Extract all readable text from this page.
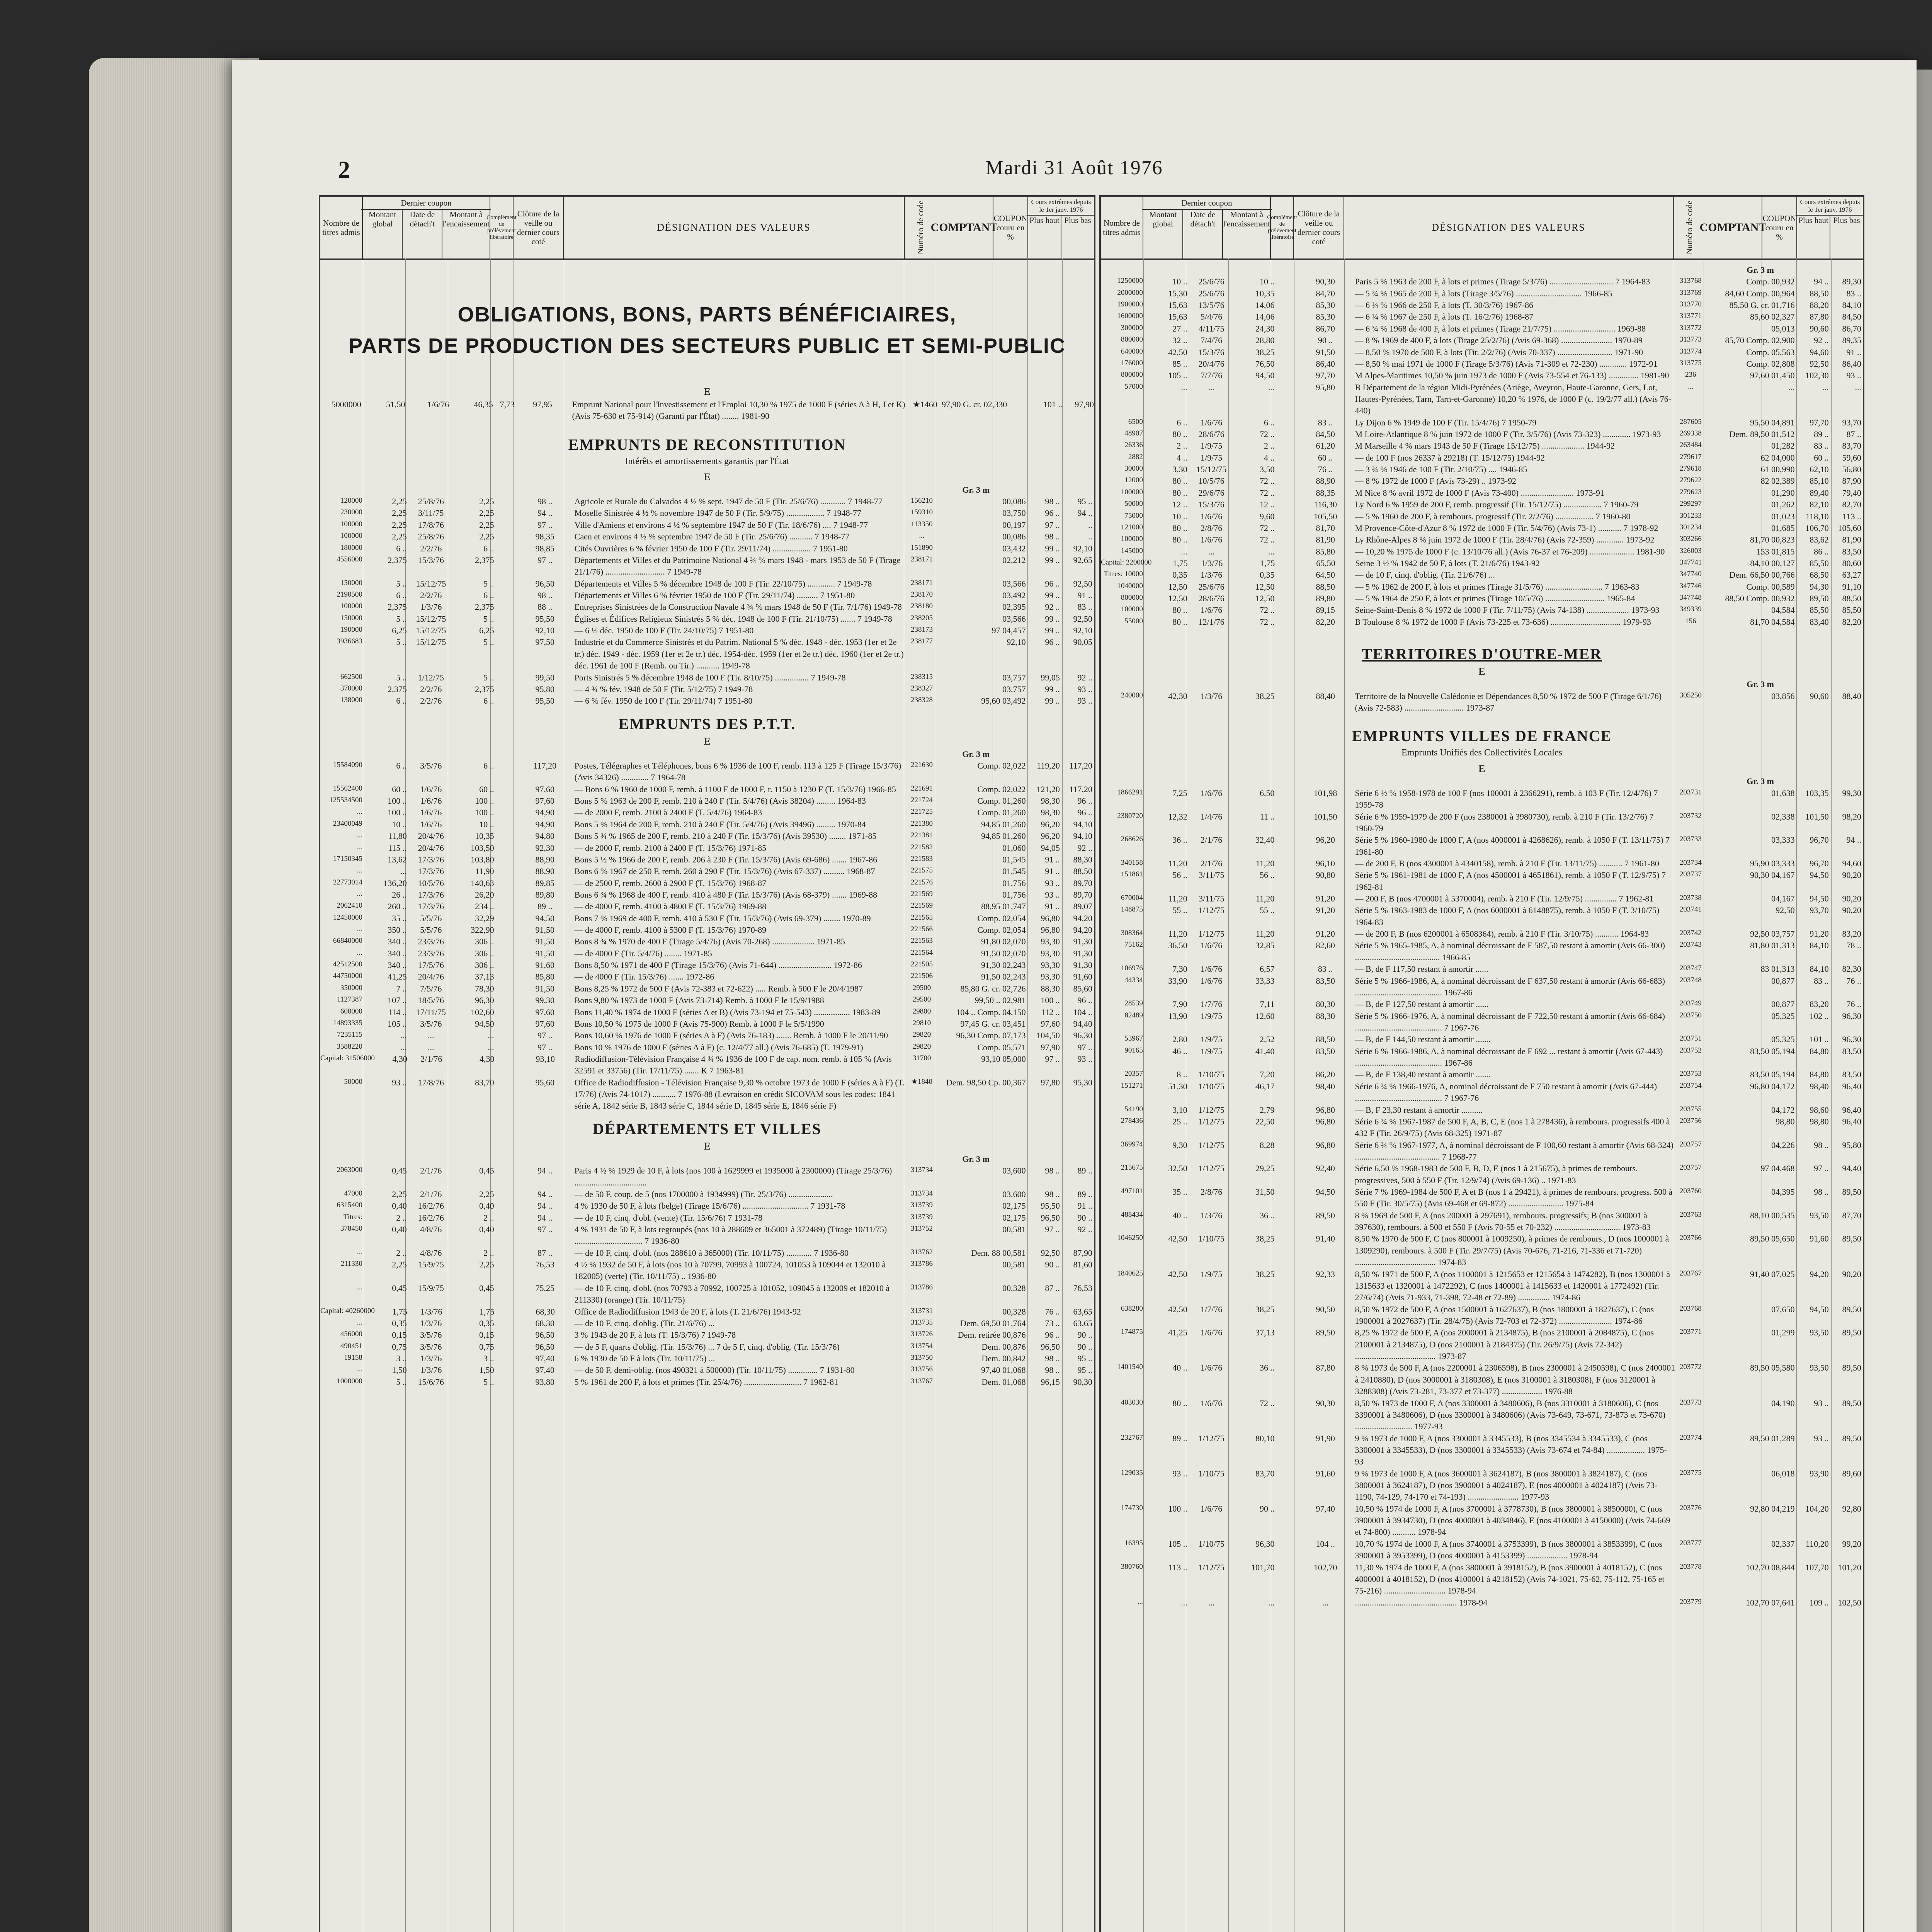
2	Mardi 31 Août 1976
Nombre de titres admis
Dernier coupon
Montant global
Date de détach't
Montant à l'encaissement
Complément de prélèvement libératoire
Clôture de la veille ou dernier cours coté
DÉSIGNATION DES VALEURS	Numéro de code COMPTANT
COUPON couru en %
Cours extrêmes depuis le 1er janv. 1976
Plus haut Plus bas
OBLIGATIONS, BONS, PARTS BÉNÉFICIAIRES,
PARTS DE PRODUCTION DES SECTEURS PUBLIC ET SEMI-PUBLIC
E
5000000	51,50	1/6/76	46,35 7,73	97,95	Emprunt National pour l'Investissement et l'Emploi 10,30 % 1975 de 1000 F (séries A à H, J et K) (Avis 75-630 et 75-914) (Garanti par l'État) ........ 1981-90
★1460 97,90 G. cr. 02,330	101 ..	97,90
EMPRUNTS DE RECONSTITUTION
Intérêts et amortissements garantis par l'État
E
Gr. 3 m
120000	2,25	25/8/76	2,25	98 ..	Agricole et Rurale du Calvados 4 ½ % sept. 1947 de 50 F (Tir. 25/6/76) ............ 7 1948-77	156210	00,086	98 ..	95 ..
230000	2,25	3/11/75	2,25	94 ..	Moselle Sinistrée 4 ½ % novembre 1947 de 50 F (Tir. 5/9/75) .................. 7 1948-77	159310	03,750	96 ..	94 ..
100000	2,25	17/8/76	2,25	97 ..	Ville d'Amiens et environs 4 ½ % septembre 1947 de 50 F (Tir. 18/6/76) .... 7 1948-77	113350	00,197	97 ..	..
100000	2,25	25/8/76	2,25	98,35	Caen et environs 4 ½ % septembre 1947 de 50 F (Tir. 25/6/76) ........... 7 1948-77	...	00,086	98 ..	..
180000	6 ..	2/2/76	6 ..	98,85	Cités Ouvrières 6 % février 1950 de 100 F (Tir. 29/11/74) .................. 7 1951-80	151890	03,432	99 ..	92,10
4556000	2,375	15/3/76	2,375	97 ..	Départements et Villes et du Patrimoine National 4 ¾ % mars 1948 - mars 1953 de 50 F (Tirage 21/1/76) ............................ 7 1949-78
238171	02,212	99 ..	92,65
150000	5 ..	15/12/75	5 ..	96,50	Départements et Villes 5 % décembre 1948 de 100 F (Tir. 22/10/75) ............. 7 1949-78	238171	03,566	96 ..	92,50
2190500	6 ..	2/2/76	6 ..	98 ..	Départements et Villes 6 % février 1950 de 100 F (Tir. 29/11/74) .......... 7 1951-80	238170	03,492	99 ..	91 ..
100000	2,375	1/3/76	2,375	88 ..	Entreprises Sinistrées de la Construction Navale 4 ¾ % mars 1948 de 50 F (Tir. 7/1/76) 1949-78	238180	02,395	92 ..	83 ..
150000	5 ..	15/12/75	5 ..	95,50	Églises et Édifices Religieux Sinistrés 5 % déc. 1948 de 100 F (Tir. 21/10/75) ....... 7 1949-78	238205	03,566	99 ..	92,50
190000	6,25	15/12/75	6,25	92,10	— 6 ½ déc. 1950 de 100 F (Tir. 24/10/75) 7 1951-80	238173	97 04,457	99 ..	92,10
3936683	5 ..	15/12/75	5 ..	97,50	Industrie et du Commerce Sinistrés et du Patrim. National 5 % déc. 1948 - déc. 1953 (1er et 2e tr.) déc. 1949 - déc. 1959 (1er et 2e tr.) déc. 1954-déc. 1959 (1er et 2e tr.) déc. 1960 (1er et 2e tr.) déc. 1961 de 100 F (Remb. ou Tir.) ........... 1949-78
238177	92,10	96 ..	90,05
662500	5 ..	1/12/75	5 ..	99,50	Ports Sinistrés 5 % décembre 1948 de 100 F (Tir. 8/10/75) ................ 7 1949-78	238315	03,757	99,05	92 ..
370000	2,375	2/2/76	2,375	95,80	— 4 ¾ % fév. 1948 de 50 F (Tir. 5/12/75) 7 1949-78	238327	03,757	99 ..	93 ..
138000	6 ..	2/2/76	6 ..	95,50	— 6 % fév. 1950 de 100 F (Tir. 29/11/74) 7 1951-80	238328	95,60 03,492	99 ..	93 ..
EMPRUNTS DES P.T.T.
E
Gr. 3 m
15584090	6 ..	3/5/76	6 ..	117,20	Postes, Télégraphes et Téléphones, bons 6 % 1936 de 100 F, remb. 113 à 125 F (Tirage 15/3/76) (Avis 34326) ............. 7 1964-78
221630	Comp. 02,022	119,20	117,20
15562400	60 ..	1/6/76	60 ..	97,60	— Bons 6 % 1960 de 1000 F, remb. à 1100 F de 1000 F, r. 1150 à 1230 F (T. 15/3/76) 1966-85	221691	Comp. 02,022	121,20	117,20
125534500	100 ..	1/6/76	100 ..	97,60	Bons 5 % 1963 de 200 F, remb. 210 à 240 F (Tir. 5/4/76) (Avis 38204) ......... 1964-83	221724	Comp. 01,260	98,30	96 ..
...	100 ..	1/6/76	100 ..	94,90	— de 2000 F, remb. 2100 à 2400 F (T. 5/4/76) 1964-83	221725	Comp. 01,260	98,30	96 ..
23400049	10 ..	1/6/76	10 ..	94,90	Bons 5 % 1964 de 200 F, remb. 210 à 240 F (Tir. 5/4/76) (Avis 39496) ......... 1970-84	221380	94,85 01,260	96,20	94,10
...	11,80	20/4/76	10,35	94,80	Bons 5 ¾ % 1965 de 200 F, remb. 210 à 240 F (Tir. 15/3/76) (Avis 39530) ........ 1971-85	221381	94,85 01,260	96,20	94,10
...	115 ..	20/4/76	103,50	92,30	— de 2000 F, remb. 2100 à 2400 F (T. 15/3/76) 1971-85	221582	01,060	94,05	92 ..
17150345	13,62	17/3/76	103,80	88,90	Bons 5 ½ % 1966 de 200 F, remb. 206 à 230 F (Tir. 15/3/76) (Avis 69-686) ....... 1967-86	221583	01,545	91 ..	88,30
...	...	17/3/76	11,90	88,90	Bons 6 % 1967 de 250 F, remb. 260 à 290 F (Tir. 15/3/76) (Avis 67-337) .......... 1968-87	221575	01,545	91 ..	88,50
22773014	136,20	10/5/76	140,63	89,85	— de 2500 F, remb. 2600 à 2900 F (T. 15/3/76) 1968-87	221576	01,756	93 ..	89,70
...	26 ..	17/3/76	26,20	89,80	Bons 6 ¾ % 1968 de 400 F, remb. 410 à 480 F (Tir. 15/3/76) (Avis 68-379) ....... 1969-88	221569	01,756	93 ..	89,70
2062410	260 ..	17/3/76	234 ..	89 ..	— de 4000 F, remb. 4100 à 4800 F (T. 15/3/76) 1969-88	221569	88,95 01,747	91 ..	89,07
12450000	35 ..	5/5/76	32,29	94,50	Bons 7 % 1969 de 400 F, remb. 410 à 530 F (Tir. 15/3/76) (Avis 69-379) ........ 1970-89	221565	Comp. 02,054	96,80	94,20
...	350 ..	5/5/76	322,90	91,50	— de 4000 F, remb. 4100 à 5300 F (T. 15/3/76) 1970-89	221566	Comp. 02,054	96,80	94,20
66840000	340 ..	23/3/76	306 ..	91,50	Bons 8 ¾ % 1970 de 400 F (Tirage 5/4/76) (Avis 70-268) .................... 1971-85	221563	91,80 02,070	93,30	91,30
...	340 ..	23/3/76	306 ..	91,50	— de 4000 F (Tir. 5/4/76) ........ 1971-85	221564	91,50 02,070	93,30	91,30
42512500	340 ..	17/5/76	306 ..	91,60	Bons 8,50 % 1971 de 400 F (Tirage 15/3/76) (Avis 71-644) ......................... 1972-86	221505	91,30 02,243	93,30	91,30
44750000	41,25	20/4/76	37,13	85,80	— de 4000 F (Tir. 15/3/76) ....... 1972-86	221506	91,50 02,243	93,30	91,60
350000	7 ..	7/5/76	78,30	91,50	Bons 8,25 % 1972 de 500 F (Avis 72-383 et 72-622) ..... Remb. à 500 F le 20/4/1987	29500	85,80 G. cr. 02,726	88,30	85,60
1127387	107 ..	18/5/76	96,30	99,30	Bons 9,80 % 1973 de 1000 F (Avis 73-714) Remb. à 1000 F le 15/9/1988	29500	99,50 .. 02,981	100 ..	96 ..
600000	114 ..	17/11/75	102,60	97,60	Bons 11,40 % 1974 de 1000 F (séries A et B) (Avis 73-194 et 75-543) ................. 1983-89	29800	104 .. Comp. 04,150	112 ..	104 ..
14893335	105 ..	3/5/76	94,50	97,60	Bons 10,50 % 1975 de 1000 F (Avis 75-900) Remb. à 1000 F le 5/5/1990	29810	97,45 G. cr. 03,451	97,60	94,40
7235115	...	...	...	97 ..	Bons 10,60 % 1976 de 1000 F (séries A à F) (Avis 76-183) ....... Remb. à 1000 F le 20/11/90	29820	96,30 Comp. 07,173	104,50	96,30
3588220	...	...	...	97 ..	Bons 10 % 1976 de 1000 F (séries A à F) (c. 12/4/77 all.) (Avis 76-685) (T. 1979-91)	29820	Comp. 05,571	97,90	97 ..
Capital: 31506000	4,30	2/1/76	4,30	93,10	Radiodiffusion-Télévision Française 4 ¾ % 1936 de 100 F de cap. nom. remb. à 105 % (Avis 32591 et 33756) (Tir. 17/11/75) ....... K 7 1963-81
31700	93,10 05,000	97 ..	93 ..
50000	93 ..	17/8/76	83,70	95,60	Office de Radiodiffusion - Télévision Française 9,30 % octobre 1973 de 1000 F (séries A à F) (T. 17/76) (Avis 74-1017) ........... 7 1976-88 (Levraison en crédit SICOVAM sous les codes: 1841 série A, 1842 série B, 1843 série C, 1844 série D, 1845 série E, 1846 série F)
★1840	Dem. 98,50 Cp. 00,367	97,80	95,30
DÉPARTEMENTS ET VILLES
E
Gr. 3 m
2063000	0,45	2/1/76	0,45	94 ..	Paris 4 ½ % 1929 de 10 F, à lots (nos 100 à 1629999 et 1935000 à 2300000) (Tirage 25/3/76) ..................................
313734	03,600	98 ..	89 ..
47000	2,25	2/1/76	2,25	94 ..	— de 50 F, coup. de 5 (nos 1700000 à 1934999) (Tir. 25/3/76) .....................	313734	03,600	98 ..	89 ..
6315400	0,40	16/2/76	0,40	94 ..	4 % 1930 de 50 F, à lots (belge) (Tirage 15/6/76) ............................... 7 1931-78	313739	02,175	95,50	91 ..
Titres:	2 ..	16/2/76	2 ..	94 ..	— de 10 F, cinq. d'obl. (vente) (Tir. 15/6/76) 7 1931-78	313739	02,175	96,50	90 ..
378450	0,40	4/8/76	0,40	97 ..	4 % 1931 de 50 F, à lots regroupés (nos 10 à 288609 et 365001 à 372489) (Tirage 10/11/75) ................................ 7 1936-80
313752	00,581	97 ..	92 ..
...	2 ..	4/8/76	2 ..	87 ..	— de 10 F, cinq. d'obl. (nos 288610 à 365000) (Tir. 10/11/75) ............ 7 1936-80	313762	Dem. 88 00,581	92,50	87,90
211330	2,25	15/9/75	2,25	76,53	4 ½ % 1932 de 50 F, à lots (nos 10 à 70799, 70993 à 100724, 101053 à 109044 et 132010 à 182005) (verte) (Tir. 10/11/75) .. 1936-80
313786	00,581	90 ..	81,60
...	0,45	15/9/75	0,45	75,25	— de 10 F, cinq. d'obl. (nos 70793 à 70992, 100725 à 101052, 109045 à 132009 et 182010 à 211330) (orange) (Tir. 10/11/75)
313786	00,328	87 ..	76,53
Capital: 40260000	1,75	1/3/76	1,75	68,30	Office de Radiodiffusion 1943 de 20 F, à lots (T. 21/6/76) 1943-92	313731	00,328	76 ..	63,65
...	0,35	1/3/76	0,35	68,30	— de 10 F, cinq. d'oblig. (Tir. 21/6/76) ...	313735	Dem. 69,50 01,764	73 ..	63,65
456000	0,15	3/5/76	0,15	96,50	3 % 1943 de 20 F, à lots (T. 15/3/76) 7 1949-78	313726	Dem. retirée 00,876	96 ..	90 ..
490451	0,75	3/5/76	0,75	96,50	— de 5 F, quarts d'oblig. (Tir. 15/3/76) ... 7 de 5 F, cinq. d'oblig. (Tir. 15/3/76)	313754	Dem. 00,876	96,50	90 ..
19158	3 ..	1/3/76	3 ..	97,40	6 % 1930 de 50 F à lots (Tir. 10/11/75) ...	313750	Dem. 00,842	98 ..	95 ..
...	1,50	1/3/76	1,50	97,40	— de 50 F, demi-oblig. (nos 490321 à 500000) (Tir. 10/11/75) .............. 7 1931-80	313756	97,40 01,068	98 ..	95 ..
1000000	5 ..	15/6/76	5 ..	93,80	5 % 1961 de 200 F, à lots et primes (Tir. 25/4/76) ........................... 7 1962-81	313767	Dem. 01,068	96,15	90,30
Nombre de titres admis
Dernier coupon
Montant global
Date de détach't
Montant à l'encaissement
Complément de prélèvement libératoire
Clôture de la veille ou dernier cours coté
DÉSIGNATION DES VALEURS	Numéro de code COMPTANT
COUPON couru en %
Cours extrêmes depuis le 1er janv. 1976
Plus haut Plus bas
Gr. 3 m
1250000	10 ..	25/6/76	10 ..	90,30	Paris 5 % 1963 de 200 F, à lots et primes (Tirage 5/3/76) .............................. 7 1964-83	313768	Comp. 00,932	94 ..	89,30
2000000	15,30	25/6/76	10,35	84,70	— 5 ¾ % 1965 de 200 F, à lots (Tirage 3/5/76) ............................... 1966-85	313769	84,60 Comp. 00,964	88,50	83 ..
1900000	15,63	13/5/76	14,06	85,30	— 6 ¼ % 1966 de 250 F, à lots (T. 30/3/76) 1967-86	313770	85,50 G. cr. 01,716	88,20	84,10
1600000	15,63	5/4/76	14,06	85,30	— 6 ¼ % 1967 de 250 F, à lots (T. 16/2/76) 1968-87	313771	85,60 02,327	87,80	84,50
300000	27 ..	4/11/75	24,30	86,70	— 6 ¾ % 1968 de 400 F, à lots et primes (Tirage 21/7/75) ............................. 1969-88	313772	05,013	90,60	86,70
800000	32 ..	7/4/76	28,80	90 ..	— 8 % 1969 de 400 F, à lots (Tirage 25/2/76) (Avis 69-368) ........................ 1970-89	313773	85,70 Comp. 02,900	92 ..	89,35
640000	42,50	15/3/76	38,25	91,50	— 8,50 % 1970 de 500 F, à lots (Tir. 2/2/76) (Avis 70-337) .......................... 1971-90	313774	Comp. 05,563	94,60	91 ..
176000	85 ..	20/4/76	76,50	86,40	— 8,50 % mai 1971 de 1000 F (Tirage 5/3/76) (Avis 71-309 et 72-230) ............. 1972-91	313775	Comp. 02,808	92,50	86,40
800000	105 ..	7/7/76	94,50	97,70	M Alpes-Maritimes 10,50 % juin 1973 de 1000 F (Avis 73-554 et 76-133) .............. 1981-90	236	97,60 01,450	102,30	93 ..
57000	...	...	...	95,80	B Département de la région Midi-Pyrénées (Ariège, Aveyron, Haute-Garonne, Gers, Lot, Hautes-Pyrénées, Tarn, Tarn-et-Garonne) 10,20 % 1976, de 1000 F (c. 19/2/77 all.) (Avis 76-440)
...	...	...	...
6500	6 ..	1/6/76	6 ..	83 ..	Ly Dijon 6 % 1949 de 100 F (Tir. 15/4/76) 7 1950-79	287605	95,50 04,891	97,70	93,70
48907	80 ..	28/6/76	72 ..	84,50	M Loire-Atlantique 8 % juin 1972 de 1000 F (Tir. 3/5/76) (Avis 73-323) ............. 1973-93	269338	Dem. 89,50 01,512	89 ..	87 ..
26336	2 ..	1/9/75	2 ..	61,20	M Marseille 4 % mars 1943 de 50 F (Tirage 15/12/75) .................... 1944-92	263484	01,282	83 ..	83,70
2882	4 ..	1/9/75	4 ..	60 ..	— de 100 F (nos 26337 à 29218) (T. 15/12/75) 1944-92	279617	62 04,000	60 ..	59,60
30000	3,30	15/12/75	3,50	76 ..	— 3 ¾ % 1946 de 100 F (Tir. 2/10/75) .... 1946-85	279618	61 00,990	62,10	56,80
12000	80 ..	10/5/76	72 ..	88,90	— 8 % 1972 de 1000 F (Avis 73-29) .. 1973-92	279622	82 02,389	85,10	87,90
100000	80 ..	29/6/76	72 ..	88,35	M Nice 8 % avril 1972 de 1000 F (Avis 73-400) ......................... 1973-91	279623	01,290	89,40	79,40
50000	12 ..	15/3/76	12 ..	116,30	Ly Nord 6 % 1959 de 200 F, remb. progressif (Tir. 15/12/75) .................. 7 1960-79	299297	01,262	82,10	82,70
75000	10 ..	1/6/76	9,60	105,50	— 5 % 1960 de 200 F, à rembours. progressif (Tir. 2/2/76) .................. 7 1960-80	301233	01,023	118,10	113 ..
121000	80 ..	2/8/76	72 ..	81,70	M Provence-Côte-d'Azur 8 % 1972 de 1000 F (Tir. 5/4/76) (Avis 73-1) ........... 7 1978-92	301234	01,685	106,70	105,60
100000	80 ..	1/6/76	72 ..	81,90	Ly Rhône-Alpes 8 % juin 1972 de 1000 F (Tir. 28/4/76) (Avis 72-359) ............. 1973-92	303266	81,70 00,823	83,62	81,90
145000	...	...	...	85,80	— 10,20 % 1975 de 1000 F (c. 13/10/76 all.) (Avis 76-37 et 76-209) ..................... 1981-90	326003	153 01,815	86 ..	83,50
Capital: 2200000	1,75	1/3/76	1,75	65,50	Seine 3 ½ % 1942 de 50 F, à lots (T. 21/6/76) 1943-92	347741	84,10 00,127	85,50	80,60
Titres: 10000	0,35	1/3/76	0,35	64,50	— de 10 F, cinq. d'oblig. (Tir. 21/6/76) ...	347740	Dem. 66,50 00,766	68,50	63,27
1040000	12,50	25/6/76	12,50	88,50	— 5 % 1962 de 200 F, à lots et primes (Tirage 31/5/76) ........................... 7 1963-83	347746	Comp. 00,589	94,30	91,10
800000	12,50	28/6/76	12,50	89,80	— 5 % 1964 de 250 F, à lots et primes (Tirage 10/5/76) ............................ 1965-84	347748	88,50 Comp. 00,932	89,50	88,50
100000	80 ..	1/6/76	72 ..	89,15	Seine-Saint-Denis 8 % 1972 de 1000 F (Tir. 7/11/75) (Avis 74-138) .................... 1973-93	349339	04,584	85,50	85,50
55000	80 ..	12/1/76	72 ..	82,20	B Toulouse 8 % 1972 de 1000 F (Avis 73-225 et 73-636) ................................. 1979-93	156	81,70 04,584	83,40	82,20
TERRITOIRES D'OUTRE-MER
E
Gr. 3 m
240000	42,30	1/3/76	38,25	88,40	Territoire de la Nouvelle Calédonie et Dépendances 8,50 % 1972 de 500 F (Tirage 6/1/76) (Avis 72-583) ............................ 1973-87
305250	03,856	90,60	88,40
EMPRUNTS VILLES DE FRANCE
Emprunts Unifiés des Collectivités Locales
E
Gr. 3 m
1866291	7,25	1/6/76	6,50	101,98	Série 6 ½ % 1958-1978 de 100 F (nos 100001 à 2366291), remb. à 103 F (Tir. 12/4/76) 7 1959-78
203731	01,638	103,35	99,30
2380720	12,32	1/4/76	11 ..	101,50	Série 6 % 1959-1979 de 200 F (nos 2380001 à 3980730), remb. à 210 F (Tir. 13/2/76) 7 1960-79
203732	02,338	101,50	98,20
268626	36 ..	2/1/76	32,40	96,20	Série 5 % 1960-1980 de 1000 F, A (nos 4000001 à 4268626), remb. à 1050 F (T. 13/11/75) 7 1961-80
203733	03,333	96,70	94 ..
340158	11,20	2/1/76	11,20	96,10	— de 200 F, B (nos 4300001 à 4340158), remb. à 210 F (Tir. 13/11/75) ........... 7 1961-80	203734	95,90 03,333	96,70	94,60
151861	56 ..	3/11/75	56 ..	90,80	Série 5 % 1961-1981 de 1000 F, A (nos 4500001 à 4651861), remb. à 1050 F (T. 12/9/75) 7 1962-81
203737	90,30 04,167	94,50	90,20
670004	11,20	3/11/75	11,20	91,20	— 200 F, B (nos 4700001 à 5370004), remb. à 210 F (Tir. 12/9/75) ............... 7 1962-81	203738	04,167	94,50	90,20
148875	55 ..	1/12/75	55 ..	91,20	Série 5 % 1963-1983 de 1000 F, A (nos 6000001 à 6148875), remb. à 1050 F (T. 3/10/75) 1964-83
203741	92,50	93,70	90,20
308364	11,20	1/12/75	11,20	91,20	— de 200 F, B (nos 6200001 à 6508364), remb. à 210 F (Tir. 3/10/75) ........... 1964-83	203742	92,50 03,757	91,20	83,20
75162	36,50	1/6/76	32,85	82,60	Série 5 % 1965-1985, A, à nominal décroissant de F 587,50 restant à amortir (Avis 66-300) ........................................ 1966-85
203743	81,80 01,313	84,10	78 ..
106976	7,30	1/6/76	6,57	83 ..	— B, de F 117,50 restant à amortir ......	203747	83 01,313	84,10	82,30
44334	33,90	1/6/76	33,33	83,50	Série 5 % 1966-1986, A, à nominal décroissant de F 637,50 restant à amortir (Avis 66-683) ......................................... 1967-86
203748	00,877	83 ..	76 ..
28539	7,90	1/7/76	7,11	80,30	— B, de F 127,50 restant à amortir ......	203749	00,877	83,20	76 ..
82489	13,90	1/9/75	12,60	88,30	Série 5 % 1966-1976, A, à nominal décroissant de F 722,50 restant à amortir (Avis 66-684) ......................................... 7 1967-76
203750	05,325	102 ..	96,30
53967	2,80	1/9/75	2,52	88,50	— B, de F 144,50 restant à amortir .......	203751	05,325	101 ..	96,30
90165	46 ..	1/9/75	41,40	83,50	Série 6 % 1966-1986, A, à nominal décroissant de F 692 ... restant à amortir (Avis 67-443) ......................................... 1967-86
203752	83,50 05,194	84,80	83,50
20357	8 ..	1/10/75	7,20	86,20	— B, de F 138,40 restant à amortir .......	203753	83,50 05,194	84,80	83,50
151271	51,30	1/10/75	46,17	98,40	Série 6 ¾ % 1966-1976, A, nominal décroissant de F 750 restant à amortir (Avis 67-444) ......................................... 7 1967-76
203754	96,80 04,172	98,40	96,40
54190	3,10	1/12/75	2,79	96,80	— B, F 23,30 restant à amortir ..........	203755	04,172	98,60	96,40
278436	25 ..	1/12/75	22,50	96,80	Série 6 ¾ % 1967-1987 de 500 F, A, B, C, E (nos 1 à 278436), à rembours. progressifs 400 à 432 F (Tir. 26/9/75) (Avis 68-325) 1971-87
203756	98,80	98,80	96,40
369974	9,30	1/12/75	8,28	96,80	Série 6 ¾ % 1967-1977, A, à nominal décroissant de F 100,60 restant à amortir (Avis 68-324) ........................................ 7 1968-77
203757	04,226	98 ..	95,80
215675	32,50	1/12/75	29,25	92,40	Série 6,50 % 1968-1983 de 500 F, B, D, E (nos 1 à 215675), à primes de rembours. progressives, 500 à 550 F (Tir. 12/9/74) (Avis 69-136) .. 1971-83
203757	97 04,468	97 ..	94,40
497101	35 ..	2/8/76	31,50	94,50	Série 7 % 1969-1984 de 500 F, A et B (nos 1 à 29421), à primes de rembours. progress. 500 à 550 F (Tir. 30/5/75) (Avis 69-468 et 69-872) .......................... 1975-84
203760	04,395	98 ..	89,50
488434	40 ..	1/3/76	36 ..	89,50	8 % 1969 de 500 F, A (nos 200001 à 297691), rembours. progressifs; B (nos 300001 à 397630), rembours. à 500 et 550 F (Avis 70-55 et 70-232) ............................... 1973-83
203763	88,10 00,535	93,50	87,70
1046250	42,50	1/10/75	38,25	91,40	8,50 % 1970 de 500 F, C (nos 800001 à 1009250), à primes de rembours., D (nos 1000001 à 1309290), rembours. à 500 F (Tir. 29/7/75) (Avis 70-676, 71-216, 71-336 et 71-720) ...................................... 1974-83
203766	89,50 05,650	91,60	89,50
1840625	42,50	1/9/75	38,25	92,33	8,50 % 1971 de 500 F, A (nos 1100001 à 1215653 et 1215654 à 1474282), B (nos 1300001 à 1315633 et 1320001 à 1472292), C (nos 1400001 à 1415633 et 1420001 à 1772492) (Tir. 27/6/74) (Avis 71-933, 71-398, 72-48 et 72-89) ............... 1974-86
203767	91,40 07,025	94,20	90,20
638280	42,50	1/7/76	38,25	90,50	8,50 % 1972 de 500 F, A (nos 1500001 à 1627637), B (nos 1800001 à 1827637), C (nos 1900001 à 2027637) (Tir. 28/4/75) (Avis 72-703 et 72-372) ......................... 1974-86
203768	07,650	94,50	89,50
174875	41,25	1/6/76	37,13	89,50	8,25 % 1972 de 500 F, A (nos 2000001 à 2134875), B (nos 2100001 à 2084875), C (nos 2100001 à 2134875), D (nos 2100001 à 2184375) (Tir. 26/9/75) (Avis 72-342) ...................................... 1973-87
203771	01,299	93,50	89,50
1401540	40 ..	1/6/76	36 ..	87,80	8 % 1973 de 500 F, A (nos 2200001 à 2306598), B (nos 2300001 à 2450598), C (nos 2400001 à 2410880), D (nos 3000001 à 3180308), E (nos 3100001 à 3180308), F (nos 3120001 à 3288308) (Avis 73-281, 73-377 et 73-377) ................... 1976-88
203772	89,50 05,580	93,50	89,50
403030	80 ..	1/6/76	72 ..	90,30	8,50 % 1973 de 1000 F, A (nos 3300001 à 3480606), B (nos 3310001 à 3180606), C (nos 3390001 à 3480606), D (nos 3300001 à 3480606) (Avis 73-649, 73-671, 73-873 et 73-670) ........................... 1977-93
203773	04,190	93 ..	89,50
232767	89 ..	1/12/75	80,10	91,90	9 % 1973 de 1000 F, A (nos 3300001 à 3345533), B (nos 3345534 à 3345533), C (nos 3300001 à 3345533), D (nos 3300001 à 3345533) (Avis 73-674 et 74-84) .................. 1975-93
203774	89,50 01,289	93 ..	89,50
129035	93 ..	1/10/75	83,70	91,60	9 % 1973 de 1000 F, A (nos 3600001 à 3624187), B (nos 3800001 à 3824187), C (nos 3800001 à 3624187), D (nos 3900001 à 4024187), E (nos 4000001 à 4024187) (Avis 73-1190, 74-129, 74-170 et 74-193) ........................ 1977-93
203775	06,018	93,90	89,60
174730	100 ..	1/6/76	90 ..	97,40	10,50 % 1974 de 1000 F, A (nos 3700001 à 3778730), B (nos 3800001 à 3850000), C (nos 3900001 à 3934730), D (nos 4000001 à 4034846), E (nos 4100001 à 4150000) (Avis 74-669 et 74-800) ........... 1978-94
203776	92,80 04,219	104,20	92,80
16395	105 ..	1/10/75	96,30	104 ..	10,70 % 1974 de 1000 F, A (nos 3740001 à 3753399), B (nos 3800001 à 3853399), C (nos 3900001 à 3953399), D (nos 4000001 à 4153399) ................... 1978-94
203777	02,337	110,20	99,20
380760	113 ..	1/12/75	101,70	102,70	11,30 % 1974 de 1000 F, A (nos 3800001 à 3918152), B (nos 3900001 à 4018152), C (nos 4000001 à 4018152), D (nos 4100001 à 4218152) (Avis 74-1021, 75-62, 75-112, 75-165 et 75-216) ............................. 1978-94
203778	102,70 08,844	107,70	101,20
...	...	...	...	...	................................................ 1978-94	203779	102,70 07,641	109 ..	102,50
